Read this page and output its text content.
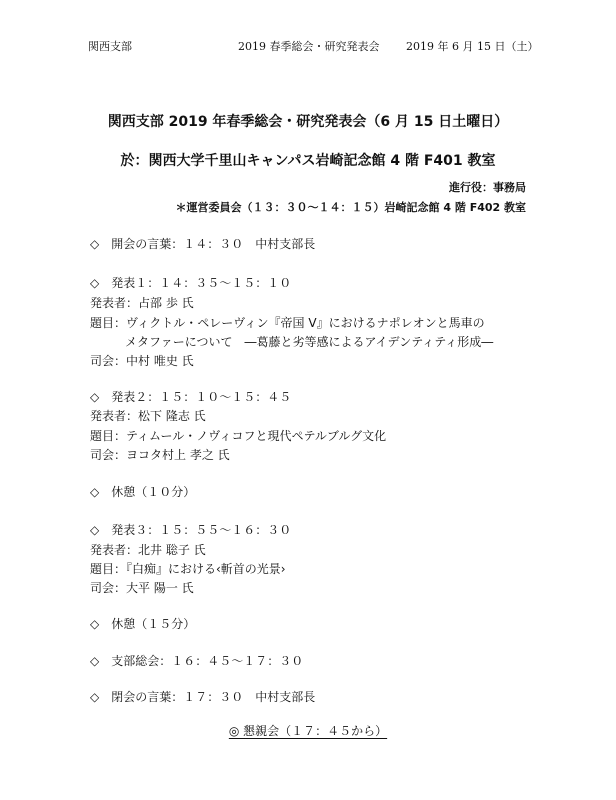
関西支部	2019 春季総会・研究発表会 2019 年 6 月 15 日（土）
関西支部 2019 年春季総会・研究発表会（6 月 15 日土曜日）
於：関西大学千里山キャンパス岩崎記念館 4 階 F401 教室
進行役：事務局
＊運営委員会（１３：３０〜１４：１５）岩崎記念館 4 階 F402 教室
◇　開会の言葉：１４：３０　中村支部長
◇　発表１：１４：３５〜１５：１０
発表者：占部 歩 氏
題目：ヴィクトル・ペレーヴィン『帝国 V』におけるナポレオンと馬車の
メタファーについて　―葛藤と劣等感によるアイデンティティ形成―
司会：中村 唯史 氏
◇　発表２：１５：１０〜１５：４５
発表者：松下 隆志 氏
題目：ティムール・ノヴィコフと現代ペテルブルグ文化
司会：ヨコタ村上 孝之 氏
◇　休憩（１０分）
◇　発表３：１５：５５〜１６：３０
発表者：北井 聡子 氏
題目：『白痴』における‹斬首の光景›
司会：大平 陽一 氏
◇　休憩（１５分）
◇　支部総会：１６：４５〜１７：３０
◇　閉会の言葉：１７：３０　中村支部長
◎ 懇親会（１７：４５から）
